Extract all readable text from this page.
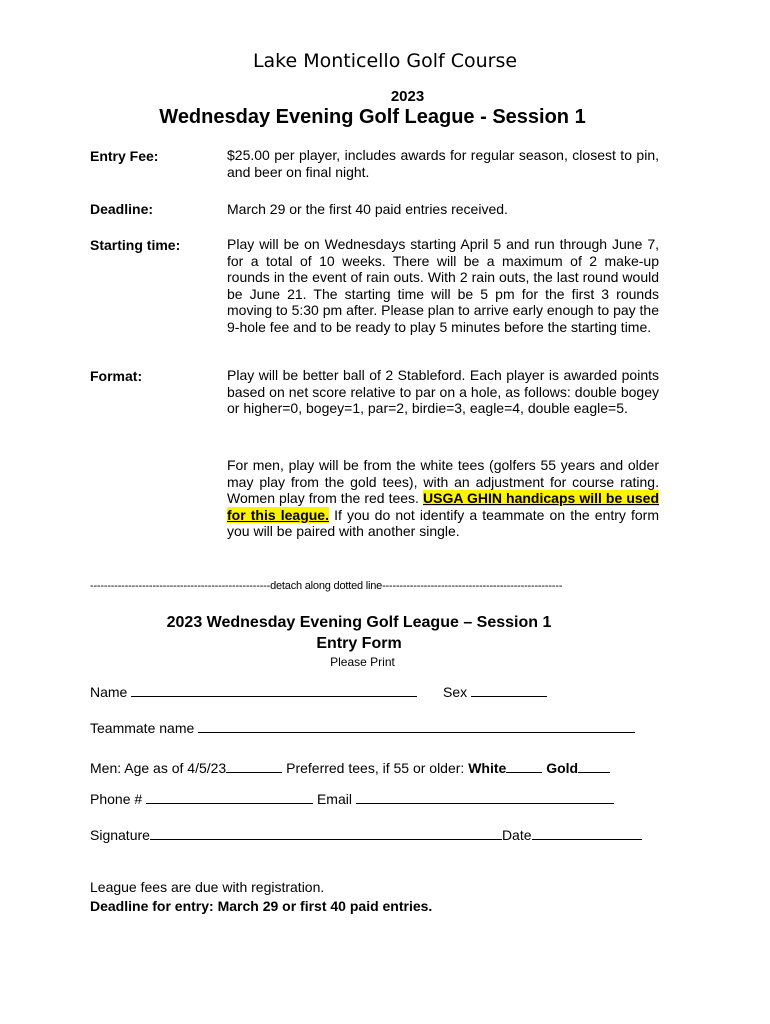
Lake Monticello Golf Course
2023
Wednesday Evening Golf League - Session 1
Entry Fee:	$25.00 per player, includes awards for regular season, closest to pin, and beer on final night.
Deadline:	March 29 or the first 40 paid entries received.
Starting time:	Play will be on Wednesdays starting April 5 and run through June 7, for a total of 10 weeks. There will be a maximum of 2 make-up rounds in the event of rain outs. With 2 rain outs, the last round would be June 21. The starting time will be 5 pm for the first 3 rounds moving to 5:30 pm after. Please plan to arrive early enough to pay the 9-hole fee and to be ready to play 5 minutes before the starting time.
Format:	Play will be better ball of 2 Stableford. Each player is awarded points based on net score relative to par on a hole, as follows: double bogey or higher=0, bogey=1, par=2, birdie=3, eagle=4, double eagle=5.
For men, play will be from the white tees (golfers 55 years and older may play from the gold tees), with an adjustment for course rating. Women play from the red tees. USGA GHIN handicaps will be used for this league. If you do not identify a teammate on the entry form you will be paired with another single.
----------------------------------------------------detach along dotted line----------------------------------------------------
2023 Wednesday Evening Golf League – Session 1
Entry Form
Please Print
Name	Sex
Teammate name
Men: Age as of 4/5/23	Preferred tees, if 55 or older: White	Gold
Phone #	Email
Signature	Date
League fees are due with registration.
Deadline for entry: March 29 or first 40 paid entries.
